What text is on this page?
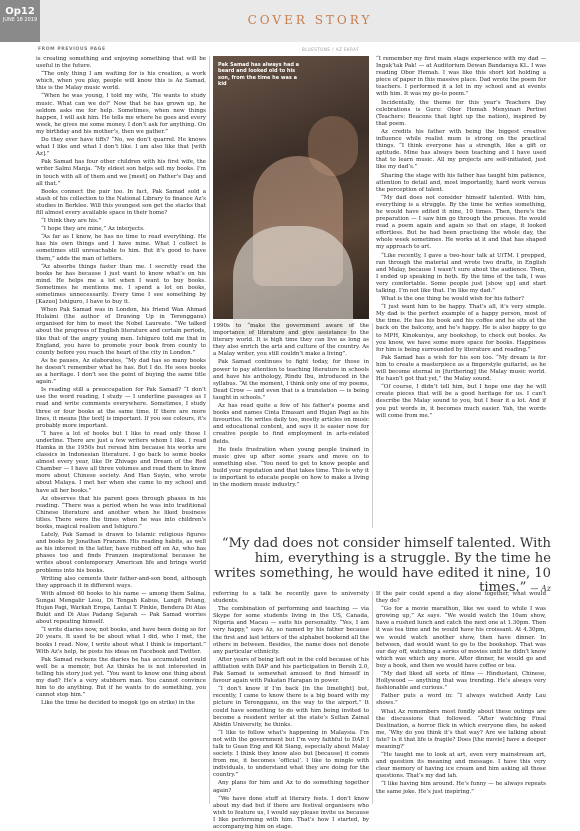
Op12
JUNE 18 2019	COVER STORY
FROM PREVIOUS PAGE	BLUESTONE / AZ EKRAF

is creating something and enjoying something that will be useful in the future.

“The only thing I am waiting for is his creation, a work which, when you play, people will know this is Az Samad, this is the Malay music world.

“When he was young, I told my wife, ‘He wants to study music. What can we do?’ Now that he has grown up, he seldom asks me for help. Sometimes, when new things happen, I will ask him. He tells me where he goes and every week, he gives me some money. I don’t ask for anything. On my birthday and his mother’s, then we gather.”

Do they ever have tiffs? “No, we don’t quarrel. He knows what I like and what I don’t like. I am also like that [with Az].”

Pak Samad has four other children with his first wife, the writer Salmi Manja. “My eldest son helps sell my books. I’m in touch with all of them and we [meet] on Father’s Day and all that.”

Books connect the pair too. In fact, Pak Samad sold a stash of his collection to the National Library to finance Az’s studies in Berklee. Will this youngest son get the stacks that fill almost every available space in their home?

“I think they are his.”

“I hope they are mine,” Az interjects.

“As far as I know, he has no time to read everything. He has his own things and I have mine. What I collect is sometimes still unreachable to him. But it’s good to have them,” adds the man of letters.

“Az absorbs things faster than me. I secretly read the books he has because I just want to know what’s on his mind. He helps me a lot when I want to buy books. Sometimes he mentions me. I spend a lot on books, sometimes unnecessarily. Every time I see something by [Kazuo] Ishiguro, I have to buy it.

When Pak Samad was in London, his friend Wan Ahmad Hulaimi (the author of Drawing Up in Terengganu) organised for him to meet the Nobel Laureate. “We talked about the progress of English literature and certain periods, like that of the angry young men. Ishiguro told me that in England, you have to promote your book from county to county before you reach the heart of the city in London.”

As he pauses, Az elaborates, “My dad has so many books he doesn’t remember what he has. But I do. He sees books as a heritage. I don’t see the point of buying the same title again.”

Is reading still a preoccupation for Pak Samad? “I don’t use the word reading, I study — I underline passages as I read and write comments everywhere. Sometimes, I study three or four books at the same time. If there are more lines, it means [the text] is important. If you see colours, it’s probably more important.

“I have a lot of books but I like to read only those I underline. There are just a few writers whom I like. I read Hamka in the 1950s but reread him because his works are classics in Indonesian literature. I go back to some books almost every year, like Dr Zhivago and Dream of the Red Chamber — I have all three volumes and read them to know more about Chinese society. And Han Suyin, who wrote about Malaya. I met her when she came to my school and have all her books.”

Az observes that his parent goes through phases in his reading. “There was a period when he was into traditional Chinese literature and another when he liked business titles. There were the times when he was into children’s books, magical realism and Ishiguro.”

Lately, Pak Samad is drawn to Islamic religious figures and books by Jonathan Franzen. His reading habits, as well as his interest in the latter, have rubbed off on Az, who has phases too and finds Franzen inspirational because he writes about contemporary American life and brings world problems into his books.

Writing also cements their father-and-son bond, although they approach it in different ways.

With almost 60 books to his name — among them Salina, Sungai Mengalir Lesu, Di Tengah Kabus, Langit Petang, Hujan Pagi, Warkah Eropa, Lantai T. Pinkie, Bendera Di Atas Bukit and Di Atas Padang Sejarah — Pak Samad worries about repeating himself.

“I write diaries now, not books, and have been doing so for 20 years. It used to be about what I did, who I met, the books I read. Now, I write about what I think is important.” With Az’s help, he posts his ideas on Facebook and Twitter.

Pak Samad reckons the diaries he has accumulated could well be a memoir, but Az thinks he is not interested in telling his story just yet. “You want to know one thing about my dad? He’s a very stubborn man. You cannot convince him to do anything. But if he wants to do something, you cannot stop him.”

Like the time he decided to mogok (go on strike) in the

Pak Samad has always had a beard and looked old to his son, from the time he was a kid

1990s to “make the government aware of the importance of literature and give assistance to the literary world. It is high time they can live as long as they also enrich the arts and culture of the country. As a Malay writer, you still couldn’t make a living”.

Pak Samad continues to fight today, for those in power to pay attention to teaching literature in schools and have his anthology, Rindu Ibu, introduced in the syllabus. “At the moment, I think only one of my poems, Dead Crow — and even that is a translation — is being taught in schools.”

Az has read quite a few of his father’s poems and books and names Cinta Emasari and Hujan Pagi as his favourites. He writes daily too, mostly articles on music and educational content, and says it is easier now for creative people to find employment in arts-related fields.

He feels frustration when young people trained in music give up after some years and move on to something else. “You need to get to know people and build your reputation and that takes time. This is why it is important to educate people on how to make a living in the modern music industry.”

“I remember my first main stage experience with my dad — Inguk’tak Pak! — at Auditorium Dewan Bandaraya KL. I was reading Obor Hemah. I was like this short kid holding a piece of paper in this massive place. Dad wrote the poem for teachers. I performed it a lot in my school and at events with him. It was my go-to poem.”

Incidentally, the theme for this year’s Teachers Day celebrations is Guru: Obor Hemah Menyinari Pertiwi (Teachers: Beacons that light up the nation), inspired by that poem.

Az credits his father with being the biggest creative influence while realist mum is strong on the practical things. “I think everyone has a strength, like a gift or aptitude. Mine has always been teaching and I have used that to learn music. All my projects are self-initiated, just like my dad’s.”

Sharing the stage with his father has taught him patience, attention to detail and, most importantly, hard work versus the perception of talent.

“My dad does not consider himself talented. With him, everything is a struggle. By the time he writes something, he would have edited it nine, 10 times. Then, there’s the preparation — I saw him go through the process. He would read a poem again and again so that on stage, it looked effortless. But he had been practising the whole day, the whole week sometimes. He works at it and that has shaped my approach to art.

“Like recently, I gave a two-hour talk at UiTM. I prepped, ran through the material and wrote two drafts, in English and Malay, because I wasn’t sure about the audience. Then, I ended up speaking in both. By the time of the talk, I was very comfortable. Some people just [show up] and start talking. I’m not like that. I’m like my dad.”

What is the one thing he would wish for his father?

“I just want him to be happy. That’s all, it’s very simple. My dad is the perfect example of a happy person, most of the time. He has his book and his coffee and he sits at the back on the balcony, and he’s happy. He is also happy to go to MPH, Kinokuniya, any bookshop, to check out books. As you know, we have some more space for books. Happiness for him is being surrounded by literature and reading.”

Pak Samad has a wish for his son too. “My dream is for him to create a masterpiece as a fingerstyle guitarist, as he will become eternal in [furthering] the Malay music world. He hasn’t got that yet,” the Malay sound.

“Of course, I didn’t tell him, but I hope one day he will create pieces that will be a good heritage for us. I can’t describe the Malay sound to you, but I hear it a lot. And if you put words in, it becomes much easier. Yah, the words will come from me.”

“My dad does not consider himself talented. With him, everything is a struggle. By the time he writes something, he would have edited it nine, 10 times.” — Az

referring to a talk he recently gave to university students.

The combination of performing and teaching — via Skype for some students living in the US, Canada, Nigeria and Macau — suits his personality. “Yes, I am very happy,” says Az, so named by his father because the first and last letters of the alphabet bookend all the others in between. Besides, the name does not denote any particular ethnicity.

After years of being left out in the cold because of his affiliation with DAP and his participation in Bersih 2.0, Pak Samad is somewhat amused to find himself in favour again with Pakatan Harapan in power.

“I don’t know if I’m back [in the limelight] but, recently, I came to know there is a big board with my picture in Terengganu, on the way to the airport.” It could have something to do with him being invited to become a resident writer at the state’s Sultan Zainal Abidin University, he thinks.

“I like to follow what’s happening in Malaysia. I’m not with the government but I’m very faithful to DAP. I talk to Guan Eng and Kit Siang, especially about Malay society. I think they know also but [because] it comes from me, it becomes ‘official’. I like to mingle with individuals, to understand what they are doing for the country.”

Any plans for him and Az to do something together again?

“We have done stuff at literary fests. I don’t know about my dad but if there are festival organisers who wish to feature us, I would say please invite us because I like performing with him. That’s how I started, by accompanying him on stage.

If the pair could spend a day alone together, what would they do?

“Go for a movie marathon, like we used to while I was growing up,” Az says. “We would watch the 10am show, have a rushed lunch and catch the next one at 1.30pm. Then it was tea time and he would have his croissant. At 4.30pm, we would watch another show, then have dinner. In between, dad would want to go to the bookshop. That was our day off, watching a series of movies until he didn’t know which was which any more. After dinner, he would go and buy a book, and then we would have coffee or tea.

“My dad liked all sorts of films — Hindustani, Chinese, Hollywood — anything that was trending. He’s always very fashionable and curious.”

Father puts a word in: “I always watched Andy Lau shows.”

What Az remembers most fondly about these outings are the discussions that followed. “After watching Final Destination, a horror flick in which everyone dies, he asked me, ‘Why do you think it’s that way? Are we talking about fate? Is it that life is fragile? Does [the movie] have a deeper meaning?’

“He taught me to look at art, even very mainstream art, and question its meaning and message. I have this very clear memory of having ice cream and him asking all those questions. That’s my dad lah.

“I like having him around. He’s funny — he always repeats the same joke. He’s just inspiring.”
